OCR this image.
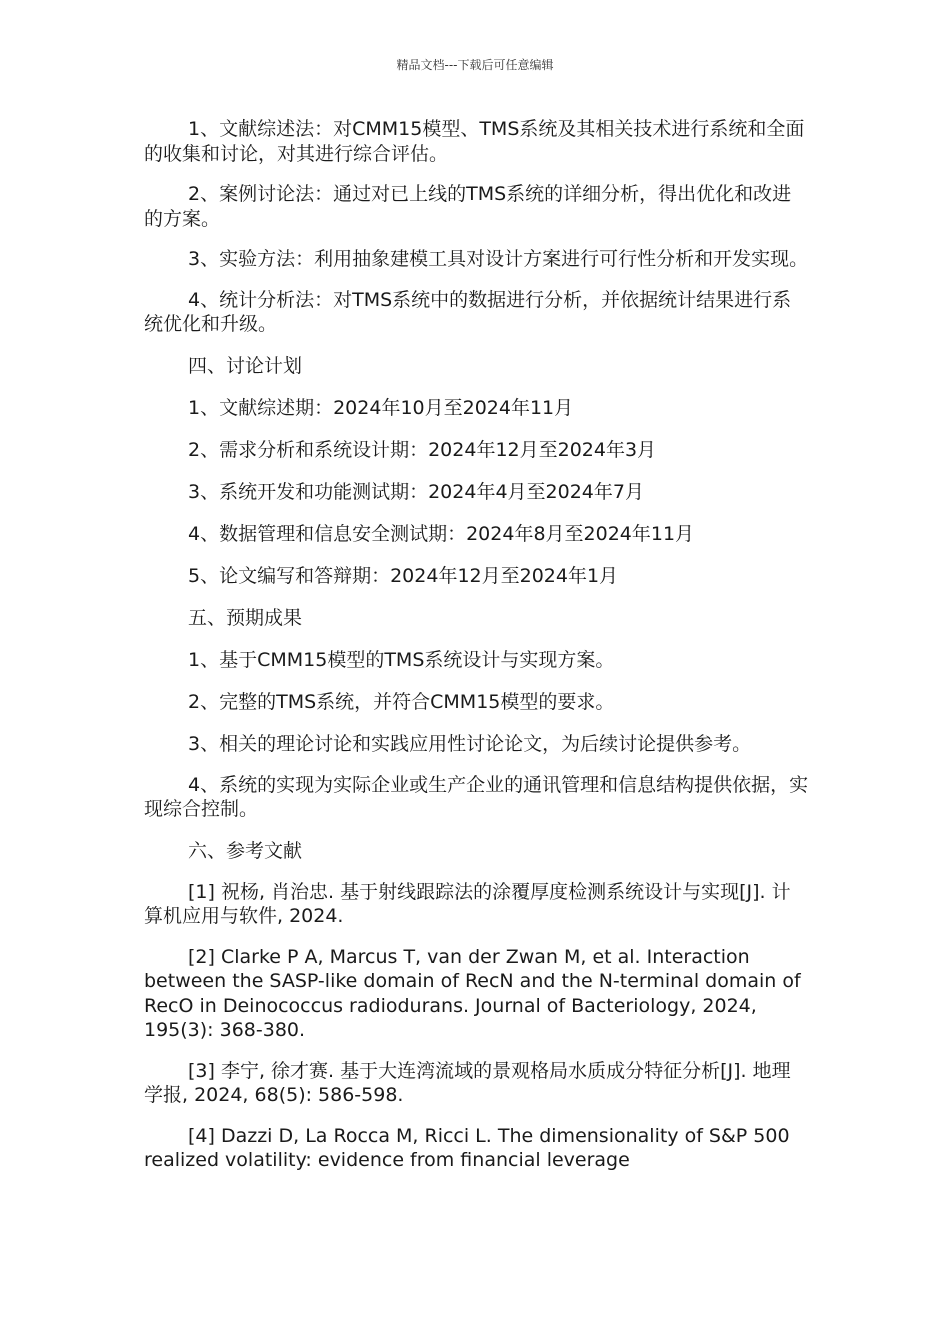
精品文档---下载后可任意编辑

1、文献综述法：对CMM15模型、TMS系统及其相关技术进行系统和全面的收集和讨论，对其进行综合评估。

2、案例讨论法：通过对已上线的TMS系统的详细分析，得出优化和改进的方案。

3、实验方法：利用抽象建模工具对设计方案进行可行性分析和开发实现。

4、统计分析法：对TMS系统中的数据进行分析，并依据统计结果进行系统优化和升级。

四、讨论计划

1、文献综述期：2024年10月至2024年11月

2、需求分析和系统设计期：2024年12月至2024年3月

3、系统开发和功能测试期：2024年4月至2024年7月

4、数据管理和信息安全测试期：2024年8月至2024年11月

5、论文编写和答辩期：2024年12月至2024年1月

五、预期成果

1、基于CMM15模型的TMS系统设计与实现方案。

2、完整的TMS系统，并符合CMM15模型的要求。

3、相关的理论讨论和实践应用性讨论论文，为后续讨论提供参考。

4、系统的实现为实际企业或生产企业的通讯管理和信息结构提供依据，实现综合控制。

六、参考文献

[1] 祝杨, 肖治忠. 基于射线跟踪法的涂覆厚度检测系统设计与实现[J]. 计算机应用与软件, 2024.

[2] Clarke P A, Marcus T, van der Zwan M, et al. Interaction between the SASP-like domain of RecN and the N-terminal domain of RecO in Deinococcus radiodurans. Journal of Bacteriology, 2024, 195(3): 368-380.

[3] 李宁, 徐才赛. 基于大连湾流域的景观格局水质成分特征分析[J]. 地理学报, 2024, 68(5): 586-598.

[4] Dazzi D, La Rocca M, Ricci L. The dimensionality of S&P 500 realized volatility: evidence from financial leverage
